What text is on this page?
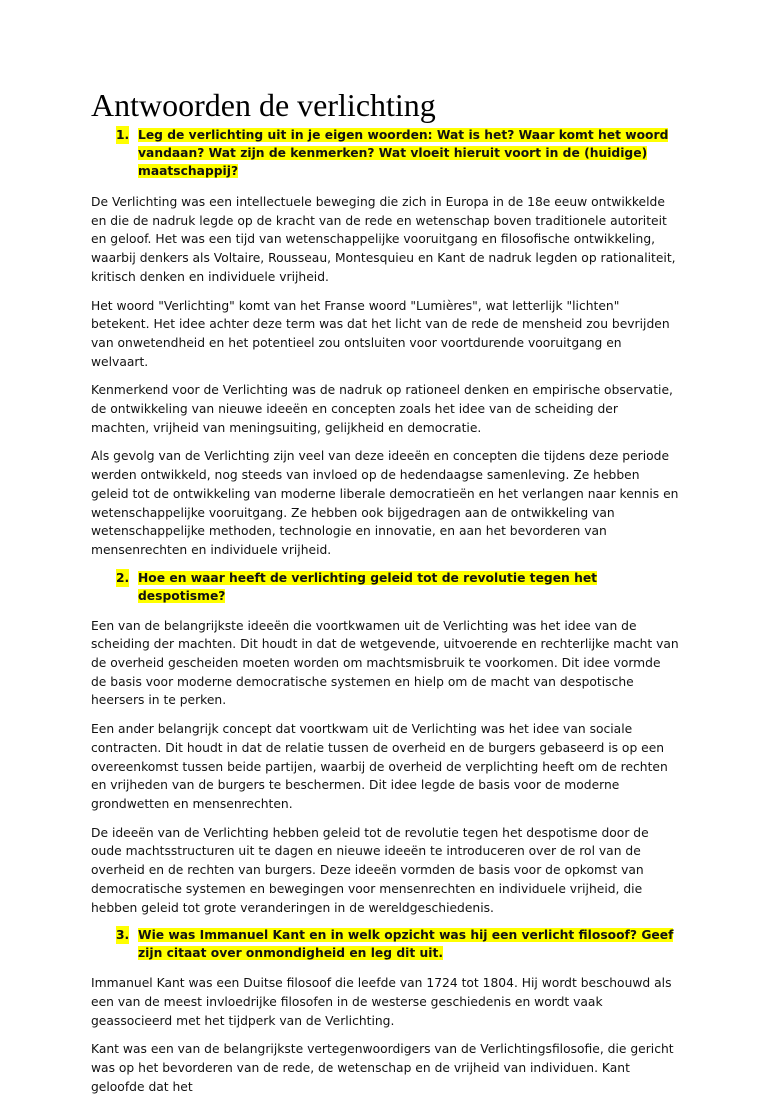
Antwoorden de verlichting
1. Leg de verlichting uit in je eigen woorden: Wat is het? Waar komt het woord vandaan? Wat zijn de kenmerken? Wat vloeit hieruit voort in de (huidige) maatschappij?

De Verlichting was een intellectuele beweging die zich in Europa in de 18e eeuw ontwikkelde en die de nadruk legde op de kracht van de rede en wetenschap boven traditionele autoriteit en geloof. Het was een tijd van wetenschappelijke vooruitgang en filosofische ontwikkeling, waarbij denkers als Voltaire, Rousseau, Montesquieu en Kant de nadruk legden op rationaliteit, kritisch denken en individuele vrijheid.

Het woord "Verlichting" komt van het Franse woord "Lumières", wat letterlijk "lichten" betekent. Het idee achter deze term was dat het licht van de rede de mensheid zou bevrijden van onwetendheid en het potentieel zou ontsluiten voor voortdurende vooruitgang en welvaart.

Kenmerkend voor de Verlichting was de nadruk op rationeel denken en empirische observatie, de ontwikkeling van nieuwe ideeën en concepten zoals het idee van de scheiding der machten, vrijheid van meningsuiting, gelijkheid en democratie.

Als gevolg van de Verlichting zijn veel van deze ideeën en concepten die tijdens deze periode werden ontwikkeld, nog steeds van invloed op de hedendaagse samenleving. Ze hebben geleid tot de ontwikkeling van moderne liberale democratieën en het verlangen naar kennis en wetenschappelijke vooruitgang. Ze hebben ook bijgedragen aan de ontwikkeling van wetenschappelijke methoden, technologie en innovatie, en aan het bevorderen van mensenrechten en individuele vrijheid.

2. Hoe en waar heeft de verlichting geleid tot de revolutie tegen het despotisme?

Een van de belangrijkste ideeën die voortkwamen uit de Verlichting was het idee van de scheiding der machten. Dit houdt in dat de wetgevende, uitvoerende en rechterlijke macht van de overheid gescheiden moeten worden om machtsmisbruik te voorkomen. Dit idee vormde de basis voor moderne democratische systemen en hielp om de macht van despotische heersers in te perken.

Een ander belangrijk concept dat voortkwam uit de Verlichting was het idee van sociale contracten. Dit houdt in dat de relatie tussen de overheid en de burgers gebaseerd is op een overeenkomst tussen beide partijen, waarbij de overheid de verplichting heeft om de rechten en vrijheden van de burgers te beschermen. Dit idee legde de basis voor de moderne grondwetten en mensenrechten.

De ideeën van de Verlichting hebben geleid tot de revolutie tegen het despotisme door de oude machtsstructuren uit te dagen en nieuwe ideeën te introduceren over de rol van de overheid en de rechten van burgers. Deze ideeën vormden de basis voor de opkomst van democratische systemen en bewegingen voor mensenrechten en individuele vrijheid, die hebben geleid tot grote veranderingen in de wereldgeschiedenis.

3. Wie was Immanuel Kant en in welk opzicht was hij een verlicht filosoof? Geef zijn citaat over onmondigheid en leg dit uit.

Immanuel Kant was een Duitse filosoof die leefde van 1724 tot 1804. Hij wordt beschouwd als een van de meest invloedrijke filosofen in de westerse geschiedenis en wordt vaak geassocieerd met het tijdperk van de Verlichting.

Kant was een van de belangrijkste vertegenwoordigers van de Verlichtingsfilosofie, die gericht was op het bevorderen van de rede, de wetenschap en de vrijheid van individuen. Kant geloofde dat het
